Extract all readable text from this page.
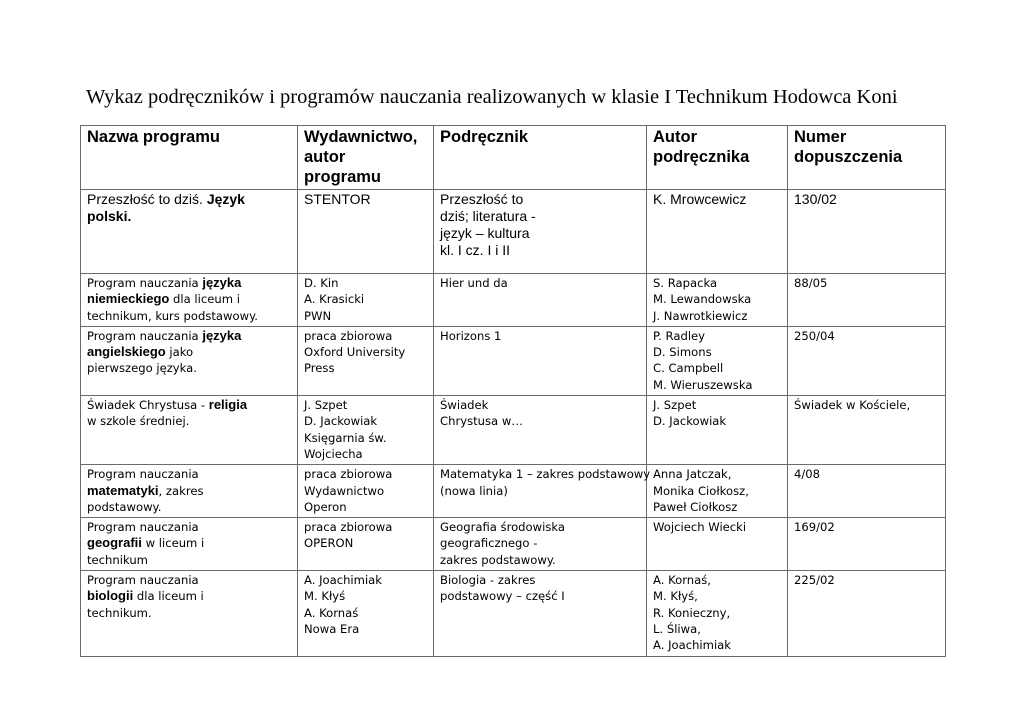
Wykaz podręczników i programów nauczania realizowanych w klasie I Technikum Hodowca Koni
Nazwa programu	Wydawnictwo,
autor
programu	Podręcznik	Autor
podręcznika	Numer
dopuszczenia

Przeszłość to dziś. Język
polski.	STENTOR	Przeszłość to
dziś; literatura -
język – kultura
kl. I cz. I i II	K. Mrowcewicz	130/02

Program nauczania języka
niemieckiego dla liceum i
technikum, kurs podstawowy.	D. Kin
A. Krasicki
PWN	Hier und da	S. Rapacka
M. Lewandowska
J. Nawrotkiewicz	88/05

Program nauczania języka
angielskiego jako
pierwszego języka.	praca zbiorowa
Oxford University
Press	Horizons 1	P. Radley
D. Simons
C. Campbell
M. Wieruszewska	250/04

Świadek Chrystusa - religia
w szkole średniej.	J. Szpet
D. Jackowiak
Księgarnia św.
Wojciecha	Świadek
Chrystusa w…	J. Szpet
D. Jackowiak	Świadek w Kościele,

Program nauczania
matematyki, zakres
podstawowy.	praca zbiorowa
Wydawnictwo
Operon	Matematyka 1 – zakres podstawowy
(nowa linia)	Anna Jatczak,
Monika Ciołkosz,
Paweł Ciołkosz	4/08

Program nauczania
geografii w liceum i
technikum	praca zbiorowa
OPERON	Geografia środowiska
geograficznego -
zakres podstawowy.	Wojciech Wiecki	169/02

Program nauczania
biologii dla liceum i
technikum.	A. Joachimiak
M. Kłyś
A. Kornaś
Nowa Era	Biologia - zakres
podstawowy – część I	A. Kornaś,
M. Kłyś,
R. Konieczny,
L. Śliwa,
A. Joachimiak	225/02
